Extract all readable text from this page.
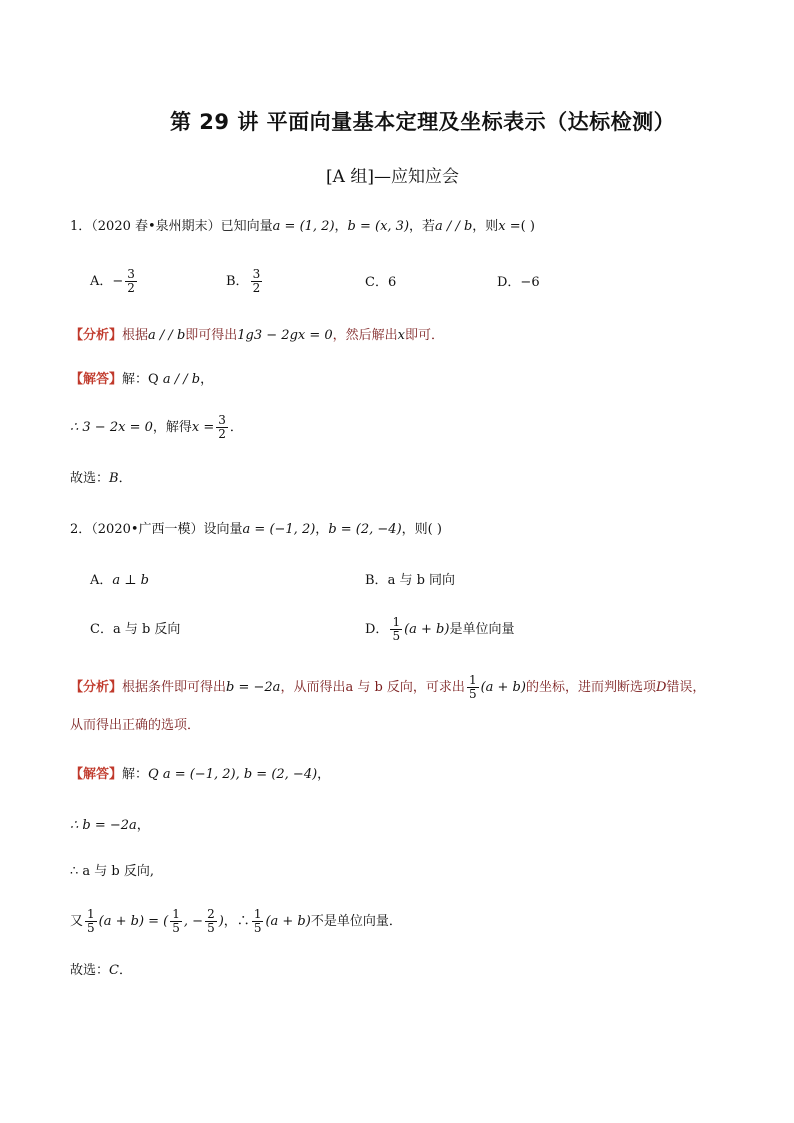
第 29 讲 平面向量基本定理及坐标表示（达标检测）
[A 组]—应知应会
1．（2020 春•泉州期末）已知向量a = (1, 2)，b = (x, 3)，若a / / b，则x =( )
A．− $\frac{3}{2}$	B． $\frac{3}{2}$	C．6	D．−6
【分析】根据a / / b即可得出1g3 − 2gx = 0，然后解出x即可．
【解答】解：Q a / / b，
∴ 3 − 2x = 0，解得$x = \frac{3}{2}$ ．
故选：B．
2．（2020•广西一模）设向量a = (−1, 2)，b = (2, −4)，则( )
A．a ⊥ b	B．a 与 b 同向
C．a 与 b 反向	D． $\frac{1}{5} (a + b)$是单位向量
【分析】根据条件即可得出b = −2a，从而得出a 与 b 反向，可求出 $\frac{1}{5} (a + b)$的坐标，进而判断选项D错误，
从而得出正确的选项．
【解答】解：Q a = (−1, 2), b = (2, −4)，
∴ b = −2a，
∴ a 与 b 反向,
又 $\frac{1}{5} (a + b)$ = ( $\frac{1}{5}$ , − $\frac{2}{5}$ )，∴ $\frac{1}{5} (a + b)$不是单位向量．
故选：C．
